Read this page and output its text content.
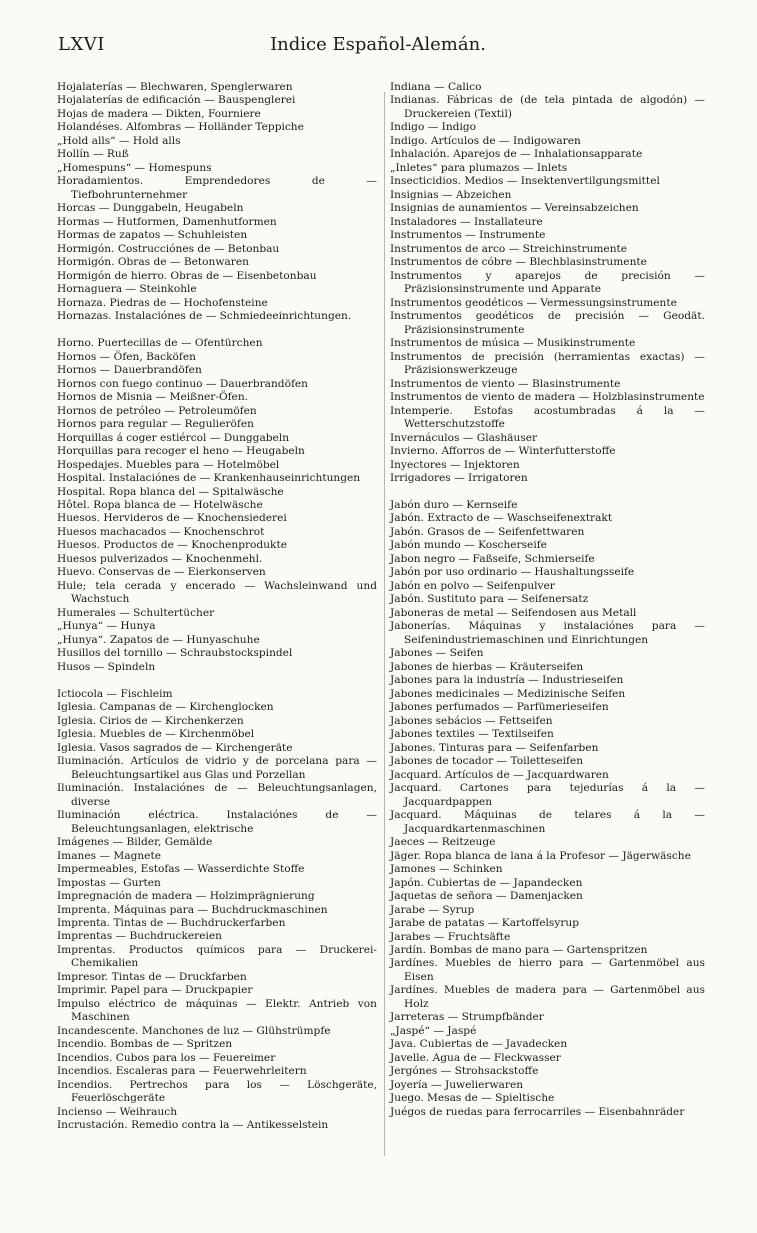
LXVI	Indice Español-Alemán.

Hojalaterías — Blechwaren, Spenglerwaren

Hojalaterías de edificación — Bauspenglerei

Hojas de madera — Dikten, Fourniere

Holandéses. Alfombras — Holländer Teppiche

„Hold alls“ — Hold alls

Hollín — Ruß

„Homespuns“ — Homespuns

Horadamientos. Emprendedores de — Tiefbohrunternehmer

Horcas — Dunggabeln, Heugabeln

Hormas — Hutformen, Damenhutformen

Hormas de zapatos — Schuhleisten

Hormigón. Costrucciónes de — Betonbau

Hormigón. Obras de — Betonwaren

Hormigón de hierro. Obras de — Eisenbetonbau

Hornaguera — Steinkohle

Hornaza. Piedras de — Hochofensteine

Hornazas. Instalaciónes de — Schmiedeeinrichtungen.

Horno. Puertecillas de — Ofentürchen

Hornos — Öfen, Backöfen

Hornos — Dauerbrandöfen

Hornos con fuego continuo — Dauerbrandöfen

Hornos de Misnia — Meißner-Öfen.

Hornos de petróleo — Petroleumöfen

Hornos para regular — Regulieröfen

Horquillas á coger estiércol — Dunggabeln

Horquillas para recoger el heno — Heugabeln

Hospedajes. Muebles para — Hotelmöbel

Hospital. Instalaciónes de — Krankenhauseinrichtungen

Hospital. Ropa blanca del — Spitalwäsche

Hôtel. Ropa blanca de — Hotelwäsche

Huesos. Hervideros de — Knochensiederei

Huesos machacados — Knochenschrot

Huesos. Productos de — Knochenprodukte

Huesos pulverizados — Knochenmehl.

Huevo. Conservas de — Eierkonserven

Hule; tela cerada y encerado — Wachsleinwand und Wachstuch

Humerales — Schultertücher

„Hunya“ — Hunya

„Hunya“. Zapatos de — Hunyaschuhe

Husillos del tornillo — Schraubstockspindel

Husos — Spindeln

Ictiocola — Fischleim

Iglesia. Campanas de — Kirchenglocken

Iglesia. Cirios de — Kirchenkerzen

Iglesia. Muebles de — Kirchenmöbel

Iglesia. Vasos sagrados de — Kirchengeräte

Iluminación. Artículos de vidrio y de porcelana para — Beleuchtungsartikel aus Glas und Porzellan

Iluminación. Instalaciónes de — Beleuchtungsanlagen, diverse

Iluminación eléctrica. Instalaciónes de — Beleuchtungsanlagen, elektrische

Imágenes — Bilder, Gemälde

Imanes — Magnete

Impermeables, Estofas — Wasserdichte Stoffe

Impostas — Gurten

Impregnación de madera — Holzimprägnierung

Imprenta. Máquinas para — Buchdruckmaschinen

Imprenta. Tintas de — Buchdruckerfarben

Imprentas — Buchdruckereien

Imprentas. Productos químicos para — Druckerei-Chemikalien

Impresor. Tintas de — Druckfarben

Imprimir. Papel para — Druckpapier

Impulso eléctrico de máquinas — Elektr. Antrieb von Maschinen

Incandescente. Manchones de luz — Glühstrümpfe

Incendio. Bombas de — Spritzen

Incendios. Cubos para los — Feuereimer

Incendios. Escaleras para — Feuerwehrleitern

Incendios. Pertrechos para los — Löschgeräte, Feuerlöschgeräte

Incienso — Weihrauch

Incrustación. Remedio contra la — Antikesselstein

Indiana — Calico

Indianas. Fábricas de (de tela pintada de algodón) — Druckereien (Textil)

Indigo — Indigo

Indigo. Artículos de — Indigowaren

Inhalación. Aparejos de — Inhalationsapparate

„Inletes“ para plumazos — Inlets

Insecticidios. Medios — Insektenvertilgungsmittel

Insignias — Abzeichen

Insignias de aunamientos — Vereinsabzeichen

Instaladores — Installateure

Instrumentos — Instrumente

Instrumentos de arco — Streichinstrumente

Instrumentos de cóbre — Blechblasinstrumente

Instrumentos y aparejos de precisión — Präzisionsinstrumente und Apparate

Instrumentos geodéticos — Vermessungsinstrumente

Instrumentos geodéticos de precisión — Geodät. Präzisionsinstrumente

Instrumentos de música — Musikinstrumente

Instrumentos de precisión (herramientas exactas) — Präzisionswerkzeuge

Instrumentos de viento — Blasinstrumente

Instrumentos de viento de madera — Holzblasinstrumente

Intemperie. Estofas acostumbradas á la — Wetterschutzstoffe

Invernáculos — Glashäuser

Invierno. Afforros de — Winterfutterstoffe

Inyectores — Injektoren

Irrigadores — Irrigatoren

Jabón duro — Kernseife

Jabón. Extracto de — Waschseifenextrakt

Jabón. Grasos de — Seifenfettwaren

Jabón mundo — Koscherseife

Jabon negro — Faßseife, Schmierseife

Jabón por uso ordinario — Haushaltungsseife

Jabón en polvo — Seifenpulver

Jabón. Sustituto para — Seifenersatz

Jaboneras de metal — Seifendosen aus Metall

Jabonerías. Máquinas y instalaciónes para — Seifenindustriemaschinen und Einrichtungen

Jabones — Seifen

Jabones de hierbas — Kräuterseifen

Jabones para la industría — Industrieseifen

Jabones medicinales — Medizinische Seifen

Jabones perfumados — Parfümerieseifen

Jabones sebácios — Fettseifen

Jabones textiles — Textilseifen

Jabones. Tinturas para — Seifenfarben

Jabones de tocador — Toiletteseifen

Jacquard. Artículos de — Jacquardwaren

Jacquard. Cartones para tejedurías á la — Jacquardpappen

Jacquard. Máquinas de telares á la — Jacquardkartenmaschinen

Jaeces — Reitzeuge

Jäger. Ropa blanca de lana á la Profesor — Jägerwäsche

Jamones — Schinken

Japón. Cubiertas de — Japandecken

Jaquetas de señora — Damenjacken

Jarabe — Syrup

Jarabe de patatas — Kartoffelsyrup

Jarabes — Fruchtsäfte

Jardín. Bombas de mano para — Gartenspritzen

Jardínes. Muebles de hierro para — Gartenmöbel aus Eisen

Jardínes. Muebles de madera para — Gartenmöbel aus Holz

Jarreteras — Strumpfbänder

„Jaspé“ — Jaspé

Java. Cubiertas de — Javadecken

Javelle. Agua de — Fleckwasser

Jergónes — Strohsackstoffe

Joyería — Juwelierwaren

Juego. Mesas de — Spieltische

Juégos de ruedas para ferrocarriles — Eisenbahnräder
